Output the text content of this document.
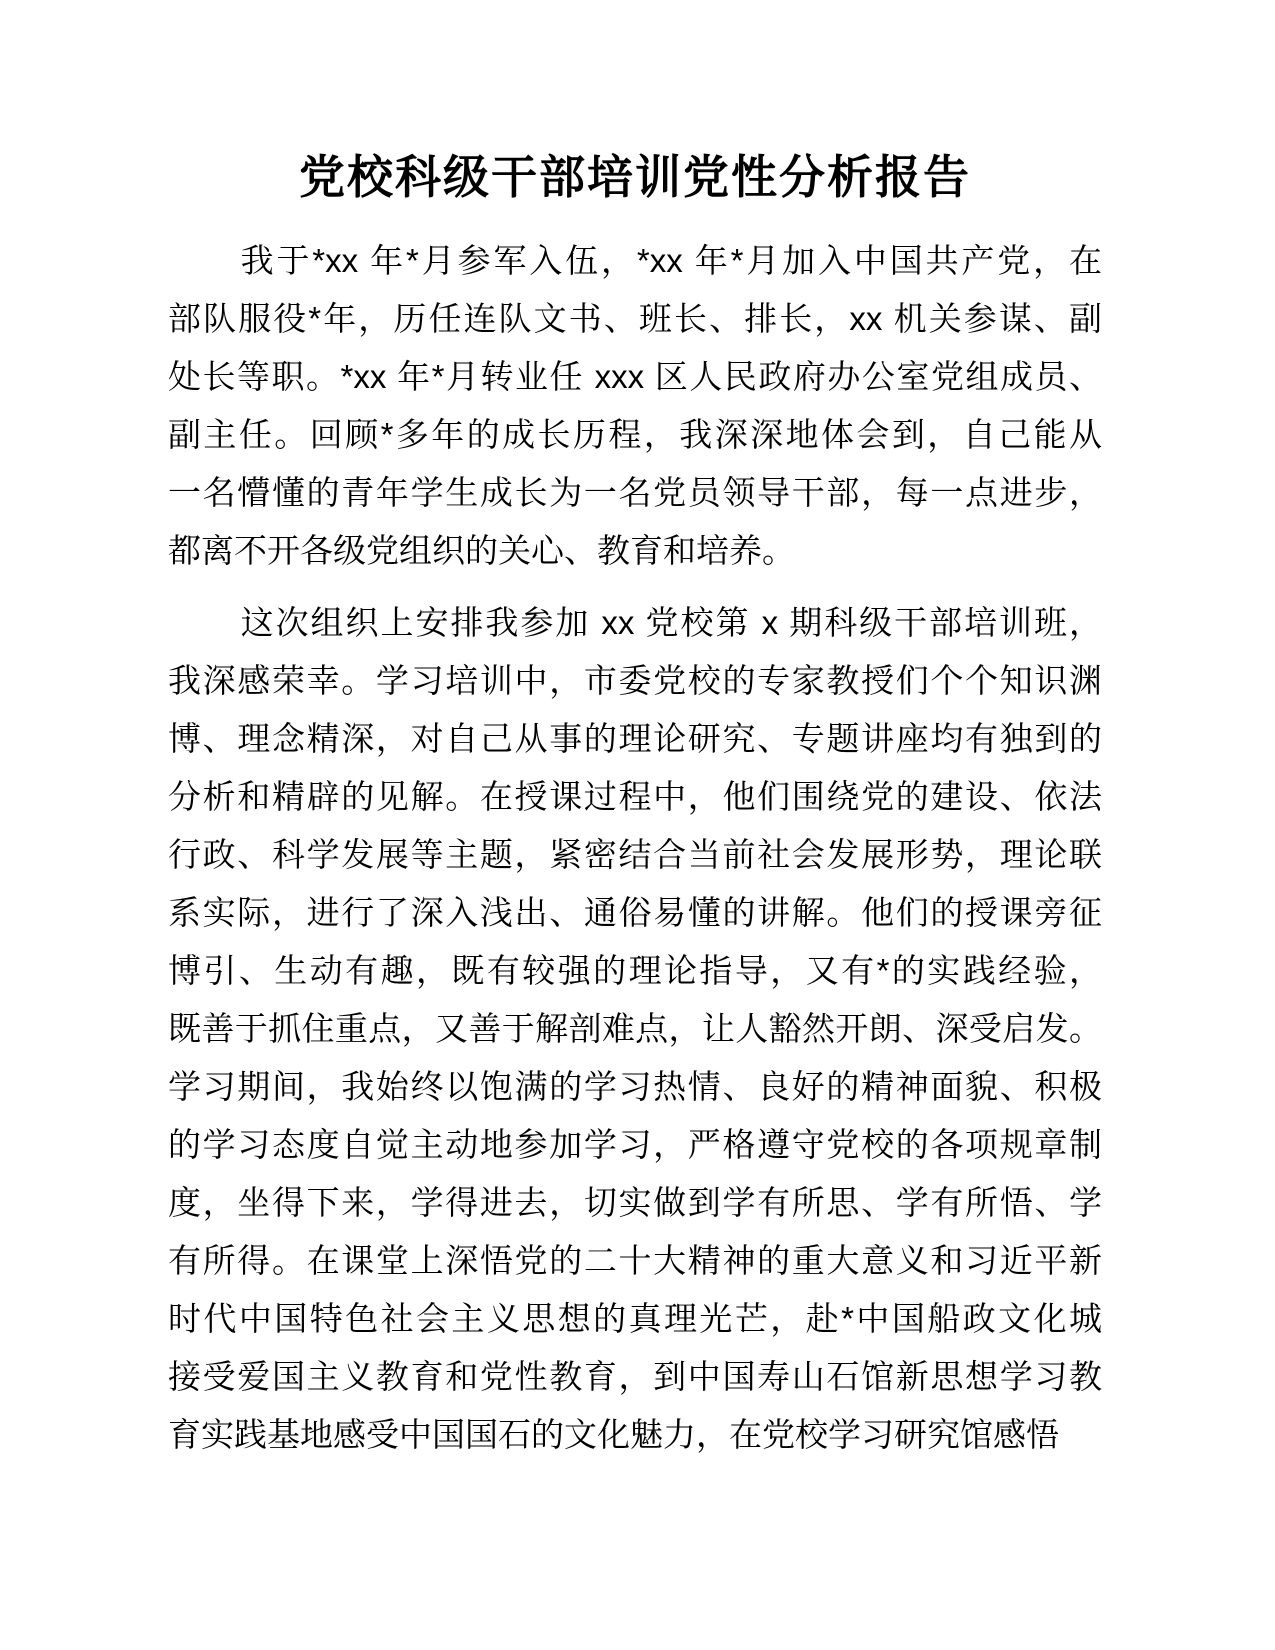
党校科级干部培训党性分析报告
我于*xx 年*月参军入伍，*xx 年*月加入中国共产党，在
部队服役*年，历任连队文书、班长、排长，xx 机关参谋、副
处长等职。*xx 年*月转业任 xxx 区人民政府办公室党组成员、
副主任。回顾*多年的成长历程，我深深地体会到，自己能从
一名懵懂的青年学生成长为一名党员领导干部，每一点进步，
都离不开各级党组织的关心、教育和培养。
这次组织上安排我参加 xx 党校第 x 期科级干部培训班，
我深感荣幸。学习培训中，市委党校的专家教授们个个知识渊
博、理念精深，对自己从事的理论研究、专题讲座均有独到的
分析和精辟的见解。在授课过程中，他们围绕党的建设、依法
行政、科学发展等主题，紧密结合当前社会发展形势，理论联
系实际，进行了深入浅出、通俗易懂的讲解。他们的授课旁征
博引、生动有趣，既有较强的理论指导，又有*的实践经验，
既善于抓住重点，又善于解剖难点，让人豁然开朗、深受启发。
学习期间，我始终以饱满的学习热情、良好的精神面貌、积极
的学习态度自觉主动地参加学习，严格遵守党校的各项规章制
度，坐得下来，学得进去，切实做到学有所思、学有所悟、学
有所得。在课堂上深悟党的二十大精神的重大意义和习近平新
时代中国特色社会主义思想的真理光芒，赴*中国船政文化城
接受爱国主义教育和党性教育，到中国寿山石馆新思想学习教
育实践基地感受中国国石的文化魅力，在党校学习研究馆感悟
